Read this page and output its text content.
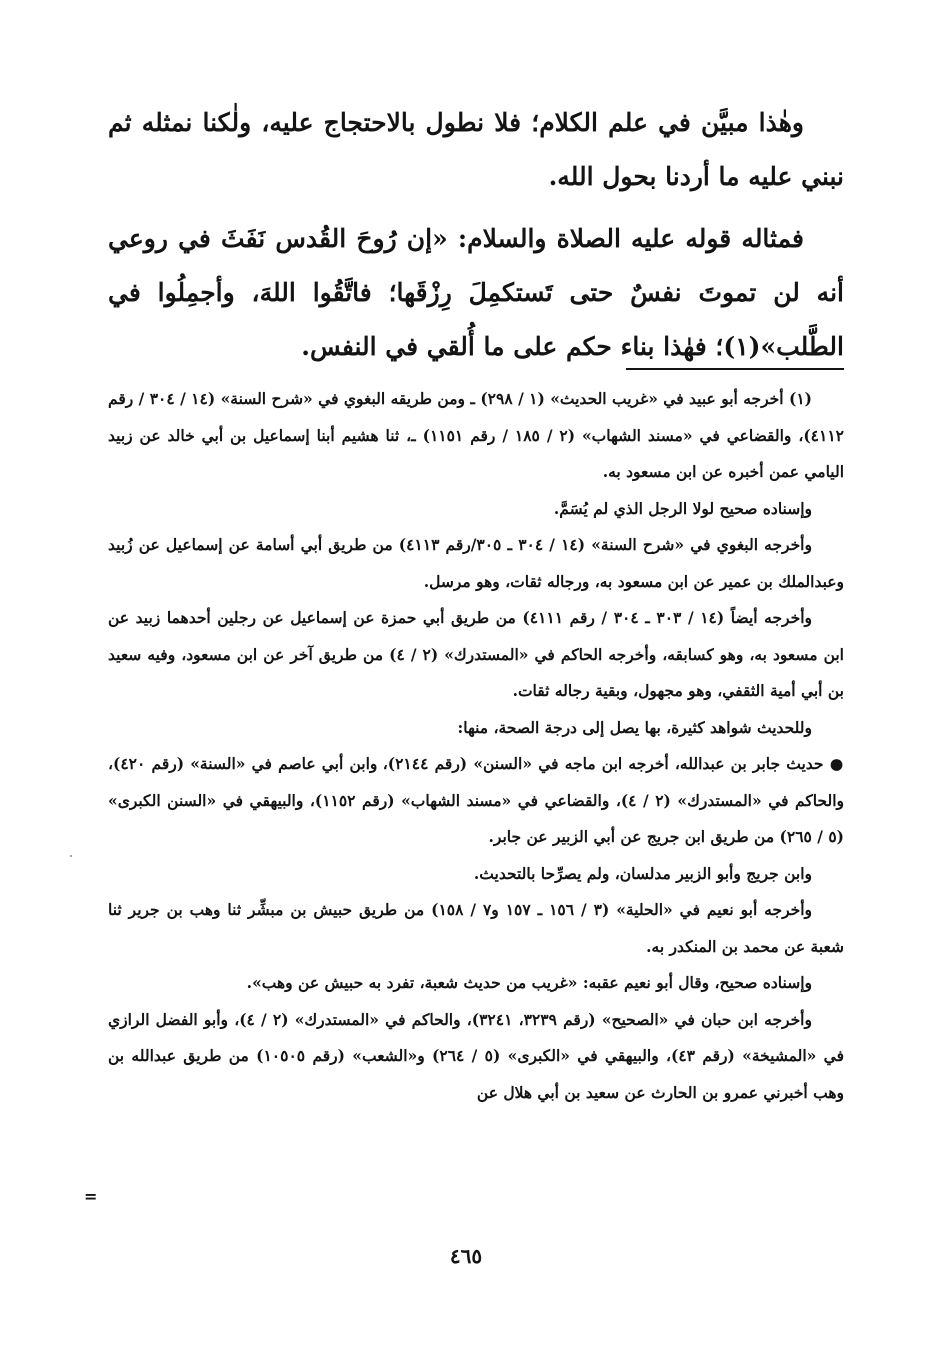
وهٰذا مبيَّن في علم الكلام؛ فلا نطول بالاحتجاج عليه، ولٰكنا نمثله ثم نبني عليه ما أردنا بحول الله.

فمثاله قوله عليه الصلاة والسلام: «إن رُوحَ القُدس نَفَثَ في روعي أنه لن تموتَ نفسٌ حتى تَستكمِلَ رِزْقَها؛ فاتَّقُوا اللهَ، وأجمِلُوا في الطَّلب»(١)؛ فهٰذا بناء حكم على ما أُلقي في النفس.

(١) أخرجه أبو عبيد في «غريب الحديث» (١ / ٢٩٨) ـ ومن طريقه البغوي في «شرح السنة» (١٤ / ٣٠٤ / رقم ٤١١٢)، والقضاعي في «مسند الشهاب» (٢ / ١٨٥ / رقم ١١٥١) ـ، ثنا هشيم أبنا إسماعيل بن أبي خالد عن زبيد اليامي عمن أخبره عن ابن مسعود به.

وإسناده صحيح لولا الرجل الذي لم يُسَمَّ.

وأخرجه البغوي في «شرح السنة» (١٤ / ٣٠٤ ـ ٣٠٥/رقم ٤١١٣) من طريق أبي أسامة عن إسماعيل عن زُبيد وعبدالملك بن عمير عن ابن مسعود به، ورجاله ثقات، وهو مرسل.

وأخرجه أيضاً (١٤ / ٣٠٣ ـ ٣٠٤ / رقم ٤١١١) من طريق أبي حمزة عن إسماعيل عن رجلين أحدهما زبيد عن ابن مسعود به، وهو كسابقه، وأخرجه الحاكم في «المستدرك» (٢ / ٤) من طريق آخر عن ابن مسعود، وفيه سعيد بن أبي أمية الثقفي، وهو مجهول، وبقية رجاله ثقات.

وللحديث شواهد كثيرة، بها يصل إلى درجة الصحة، منها:

● حديث جابر بن عبدالله، أخرجه ابن ماجه في «السنن» (رقم ٢١٤٤)، وابن أبي عاصم في «السنة» (رقم ٤٢٠)، والحاكم في «المستدرك» (٢ / ٤)، والقضاعي في «مسند الشهاب» (رقم ١١٥٢)، والبيهقي في «السنن الكبرى» (٥ / ٢٦٥) من طريق ابن جريج عن أبي الزبير عن جابر.

وابن جريج وأبو الزبير مدلسان، ولم يصرِّحا بالتحديث.

وأخرجه أبو نعيم في «الحلية» (٣ / ١٥٦ ـ ١٥٧ و٧ / ١٥٨) من طريق حبيش بن مبشِّر ثنا وهب بن جرير ثنا شعبة عن محمد بن المنكدر به.

وإسناده صحيح، وقال أبو نعيم عقبه: «غريب من حديث شعبة، تفرد به حبيش عن وهب».

وأخرجه ابن حبان في «الصحيح» (رقم ٣٢٣٩، ٣٢٤١)، والحاكم في «المستدرك» (٢ / ٤)، وأبو الفضل الرازي في «المشيخة» (رقم ٤٣)، والبيهقي في «الكبرى» (٥ / ٢٦٤) و«الشعب» (رقم ١٠٥٠٥) من طريق عبدالله بن وهب أخبرني عمرو بن الحارث عن سعيد بن أبي هلال عن

=
٤٦٥
